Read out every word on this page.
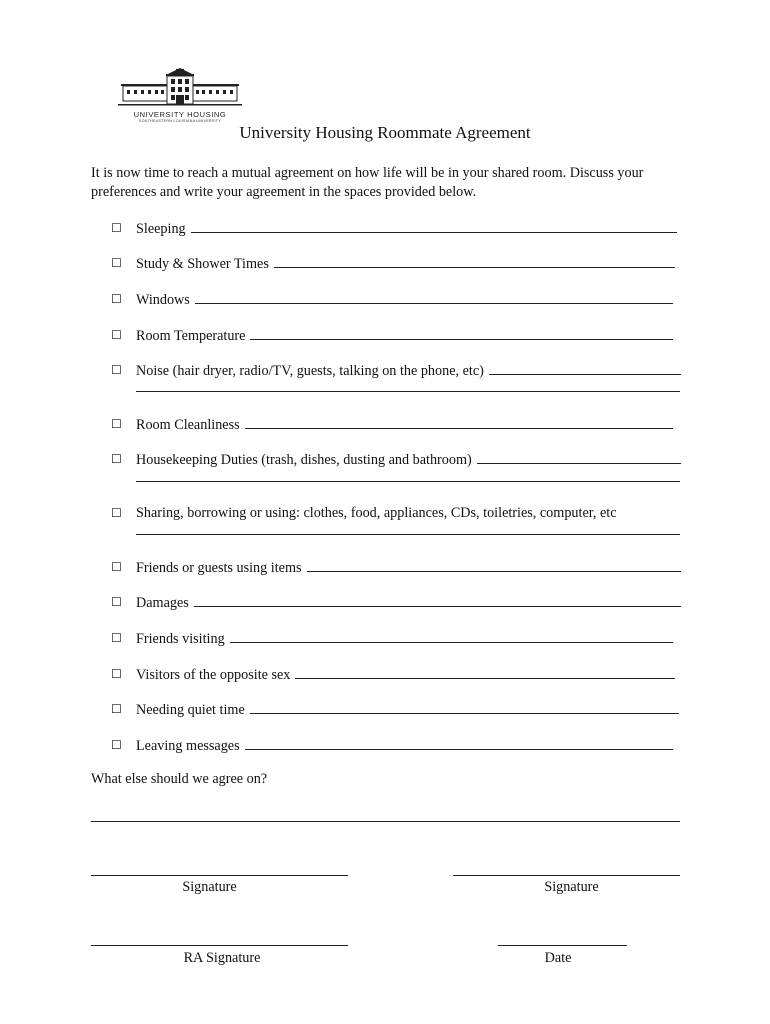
UNIVERSITY HOUSING
SOUTHEASTERN LOUISIANA UNIVERSITY
University Housing Roommate Agreement
It is now time to reach a mutual agreement on how life will be in your shared room. Discuss your preferences and write your agreement in the spaces provided below.
☐ Sleeping
☐ Study & Shower Times
☐ Windows
☐ Room Temperature
☐ Noise (hair dryer, radio/TV, guests, talking on the phone, etc)
☐ Room Cleanliness
☐ Housekeeping Duties (trash, dishes, dusting and bathroom)
☐ Sharing, borrowing or using: clothes, food, appliances, CDs, toiletries, computer, etc
☐ Friends or guests using items
☐ Damages
☐ Friends visiting
☐ Visitors of the opposite sex
☐ Needing quiet time
☐ Leaving messages
What else should we agree on?
Signature	Signature
RA Signature	Date
